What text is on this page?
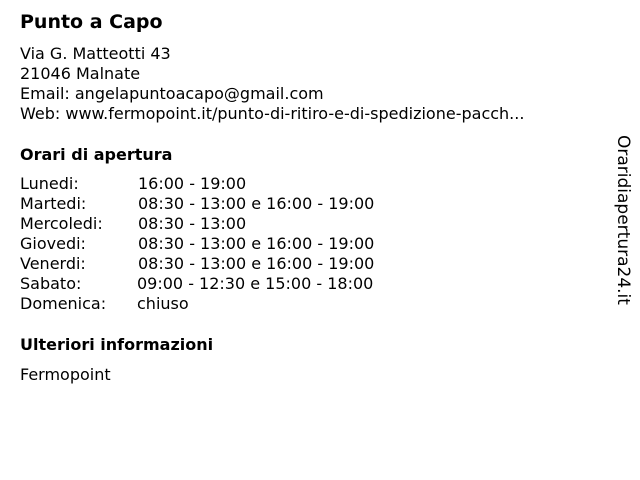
Punto a Capo
Via G. Matteotti 43
21046 Malnate
Email: angelapuntoacapo@gmail.com
Web: www.fermopoint.it/punto-di-ritiro-e-di-spedizione-pacch...
Orari di apertura
Lunedi:	16:00 - 19:00
Martedi:	08:30 - 13:00 e 16:00 - 19:00
Mercoledi: 08:30 - 13:00
Giovedi:	08:30 - 13:00 e 16:00 - 19:00
Venerdi:	08:30 - 13:00 e 16:00 - 19:00
Sabato:	09:00 - 12:30 e 15:00 - 18:00
Domenica: chiuso
Ulteriori informazioni
Fermopoint
Oraridiapertura24.it
